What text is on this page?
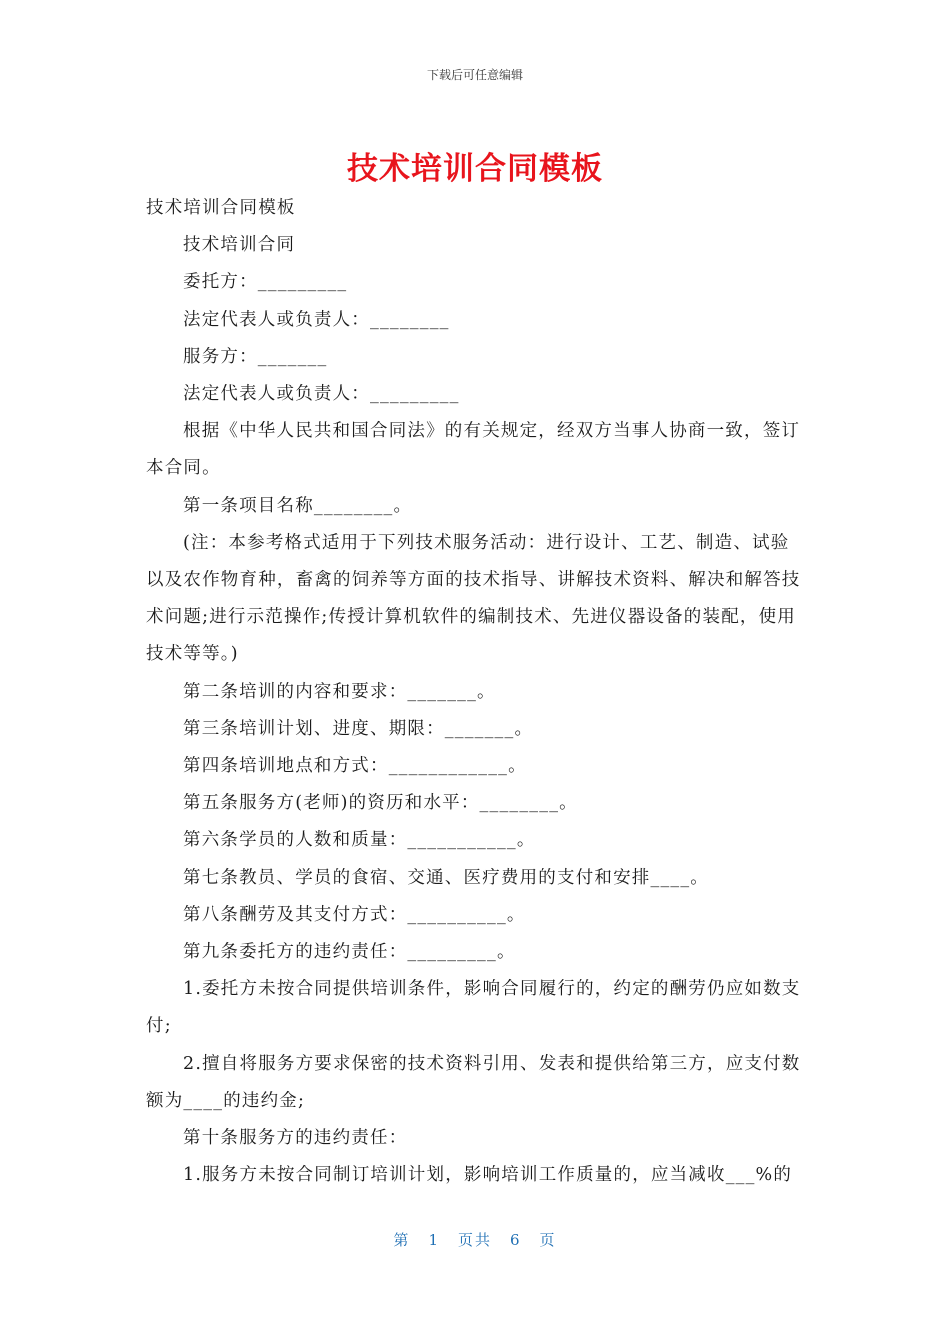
下载后可任意编辑
技术培训合同模板

技术培训合同模板

技术培训合同

委托方：_________

法定代表人或负责人：________

服务方：_______

法定代表人或负责人：_________

根据《中华人民共和国合同法》的有关规定，经双方当事人协商一致，签订本合同。

第一条项目名称________。

(注：本参考格式适用于下列技术服务活动：进行设计、工艺、制造、试验以及农作物育种，畜禽的饲养等方面的技术指导、讲解技术资料、解决和解答技术问题;进行示范操作;传授计算机软件的编制技术、先进仪器设备的装配，使用技术等等。)

第二条培训的内容和要求：_______。

第三条培训计划、进度、期限：_______。

第四条培训地点和方式：____________。

第五条服务方(老师)的资历和水平：________。

第六条学员的人数和质量：___________。

第七条教员、学员的食宿、交通、医疗费用的支付和安排____。

第八条酬劳及其支付方式：__________。

第九条委托方的违约责任：_________。

1.委托方未按合同提供培训条件，影响合同履行的，约定的酬劳仍应如数支付;

2.擅自将服务方要求保密的技术资料引用、发表和提供给第三方，应支付数额为____的违约金;

第十条服务方的违约责任：

1.服务方未按合同制订培训计划，影响培训工作质量的，应当减收___%的

第 1 页共 6 页
